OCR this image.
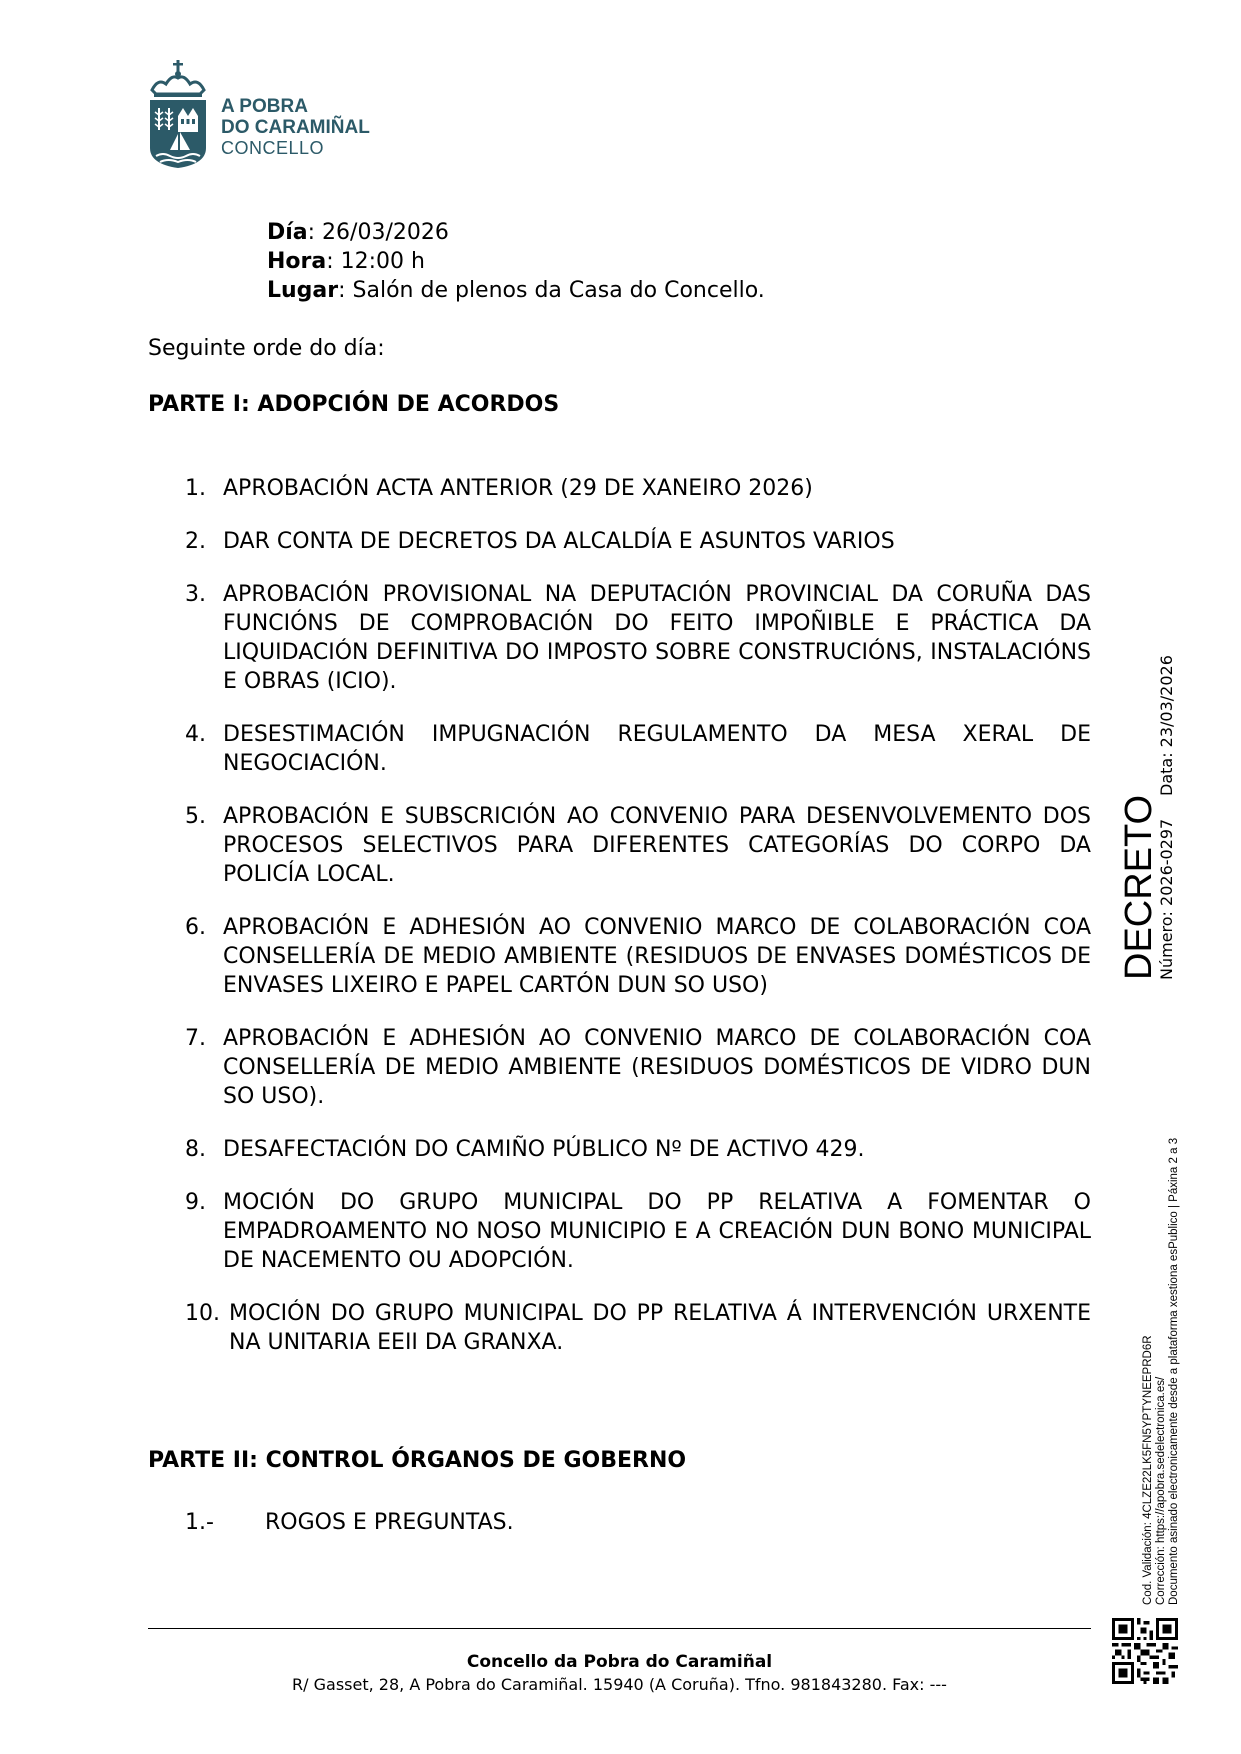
A POBRA
DO CARAMIÑAL
CONCELLO
Día: 26/03/2026
Hora: 12:00 h
Lugar: Salón de plenos da Casa do Concello.
Seguinte orde do día:
PARTE I: ADOPCIÓN DE ACORDOS
1. APROBACIÓN ACTA ANTERIOR (29 DE XANEIRO 2026)
2. DAR CONTA DE DECRETOS DA ALCALDÍA E ASUNTOS VARIOS
3. APROBACIÓN PROVISIONAL NA DEPUTACIÓN PROVINCIAL DA CORUÑA DAS FUNCIÓNS DE COMPROBACIÓN DO FEITO IMPOÑIBLE E PRÁCTICA DA LIQUIDACIÓN DEFINITIVA DO IMPOSTO SOBRE CONSTRUCIÓNS, INSTALACIÓNS E OBRAS (ICIO).
4. DESESTIMACIÓN IMPUGNACIÓN REGULAMENTO DA MESA XERAL DE NEGOCIACIÓN.
5. APROBACIÓN E SUBSCRICIÓN AO CONVENIO PARA DESENVOLVEMENTO DOS PROCESOS SELECTIVOS PARA DIFERENTES CATEGORÍAS DO CORPO DA POLICÍA LOCAL.
6. APROBACIÓN E ADHESIÓN AO CONVENIO MARCO DE COLABORACIÓN COA CONSELLERÍA DE MEDIO AMBIENTE (RESIDUOS DE ENVASES DOMÉSTICOS DE ENVASES LIXEIRO E PAPEL CARTÓN DUN SO USO)
7. APROBACIÓN E ADHESIÓN AO CONVENIO MARCO DE COLABORACIÓN COA CONSELLERÍA DE MEDIO AMBIENTE (RESIDUOS DOMÉSTICOS DE VIDRO DUN SO USO).
8. DESAFECTACIÓN DO CAMIÑO PÚBLICO Nº DE ACTIVO 429.
9. MOCIÓN DO GRUPO MUNICIPAL DO PP RELATIVA A FOMENTAR O EMPADROAMENTO NO NOSO MUNICIPIO E A CREACIÓN DUN BONO MUNICIPAL DE NACEMENTO OU ADOPCIÓN.
10. MOCIÓN DO GRUPO MUNICIPAL DO PP RELATIVA Á INTERVENCIÓN URXENTE NA UNITARIA EEII DA GRANXA.
PARTE II: CONTROL ÓRGANOS DE GOBERNO
1.- ROGOS E PREGUNTAS.
DECRETO
Número: 2026-0297
Data: 23/03/2026
Cod. Validación: 4CLZE22LK5FN5YPTYNEEPRD6R Corrección: https://apobra.sedelectronica.es/ Documento asinado electronicamente desde a plataforma xestiona esPublico | Páxina 2 a 3
Concello da Pobra do Caramiñal
R/ Gasset, 28, A Pobra do Caramiñal. 15940 (A Coruña). Tfno. 981843280. Fax: ---
